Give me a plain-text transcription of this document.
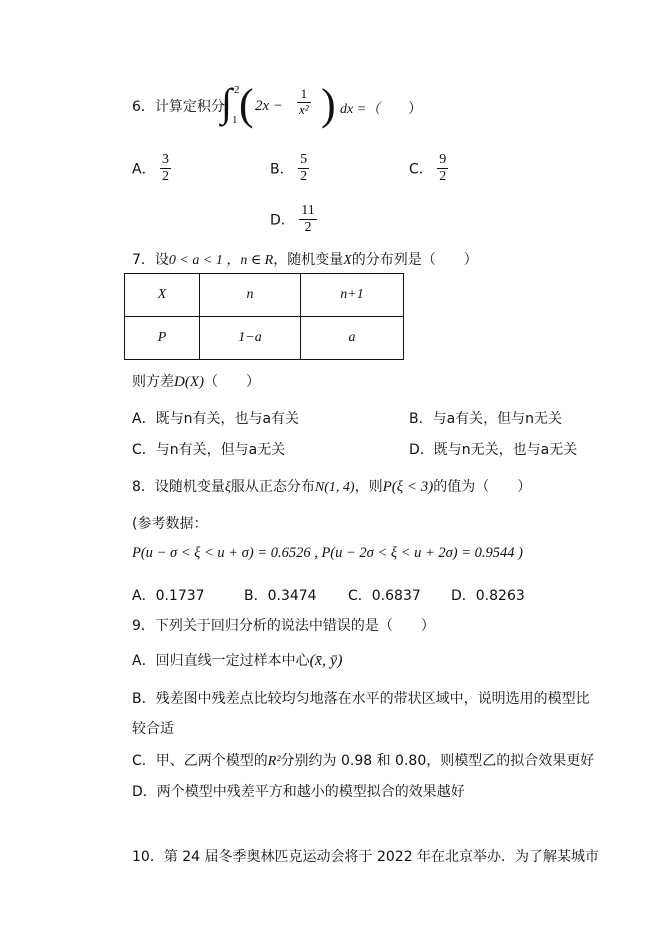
6．计算定积分
∫ 2
1 ( $2x - \frac{1}{\text{x²}}$ ) dx =（ ）
A． $\frac{3}{2}$	B． $\frac{5}{2}$	C． $\frac{9}{2}$
D． $\frac{11}{2}$
7．设0 < a < 1 ，n ∈ R，随机变量X的分布列是（ ）
X	n	n+1
P	1−a	a
则方差D(X)（　　）
A．既与n有关，也与a有关	B．与a有关，但与n无关
C．与n有关，但与a无关	D．既与n无关，也与a无关
8．设随机变量ξ服从正态分布N(1, 4)，则P(ξ < 3)的值为（ ）
(参考数据：
P(u − σ < ξ < u + σ) = 0.6526 , P(u − 2σ < ξ < u + 2σ) = 0.9544 )
A．0.1737	B．0.3474 C．0.6837 D．0.8263
9．下列关于回归分析的说法中错误的是（ ）
A．回归直线一定过样本中心(x̄, ȳ)
B．残差图中残差点比较均匀地落在水平的带状区域中，说明选用的模型比
较合适
C．甲、乙两个模型的R²分别约为 0.98 和 0.80，则模型乙的拟合效果更好
D．两个模型中残差平方和越小的模型拟合的效果越好
10．第 24 届冬季奥林匹克运动会将于 2022 年在北京举办．为了解某城市
